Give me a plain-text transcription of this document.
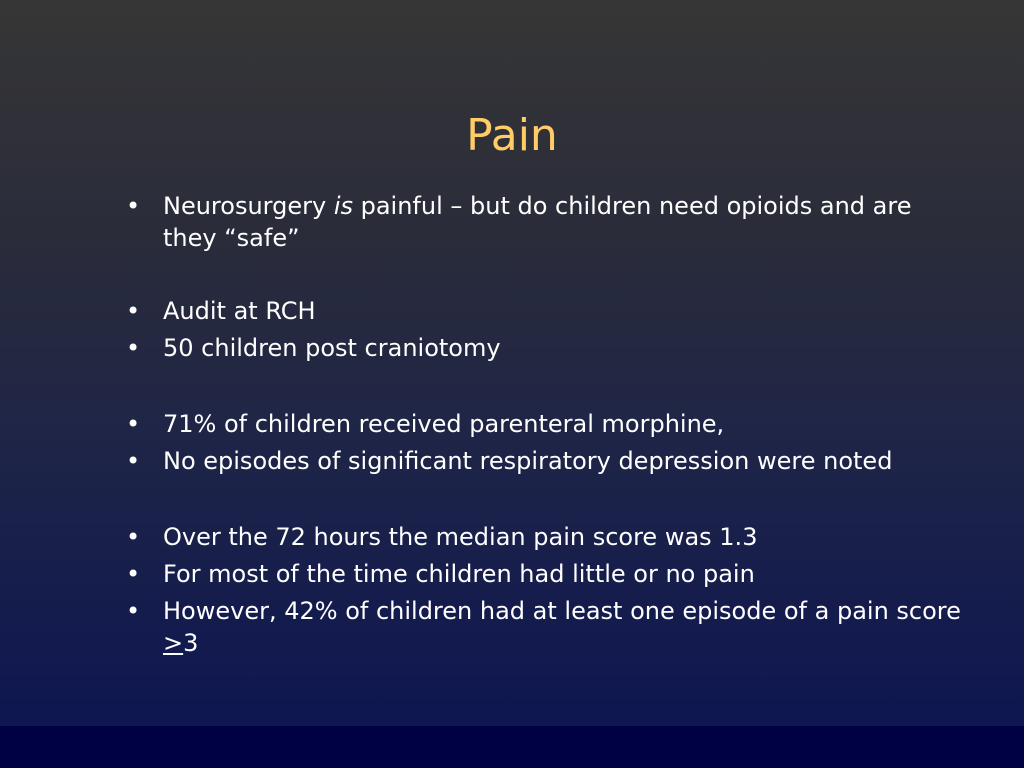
Pain
• Neurosurgery is painful – but do children need opioids and are they “safe”
• Audit at RCH
• 50 children post craniotomy
• 71% of children received parenteral morphine,
• No episodes of significant respiratory depression were noted
• Over the 72 hours the median pain score was 1.3
• For most of the time children had little or no pain
• However, 42% of children had at least one episode of a pain score >3
